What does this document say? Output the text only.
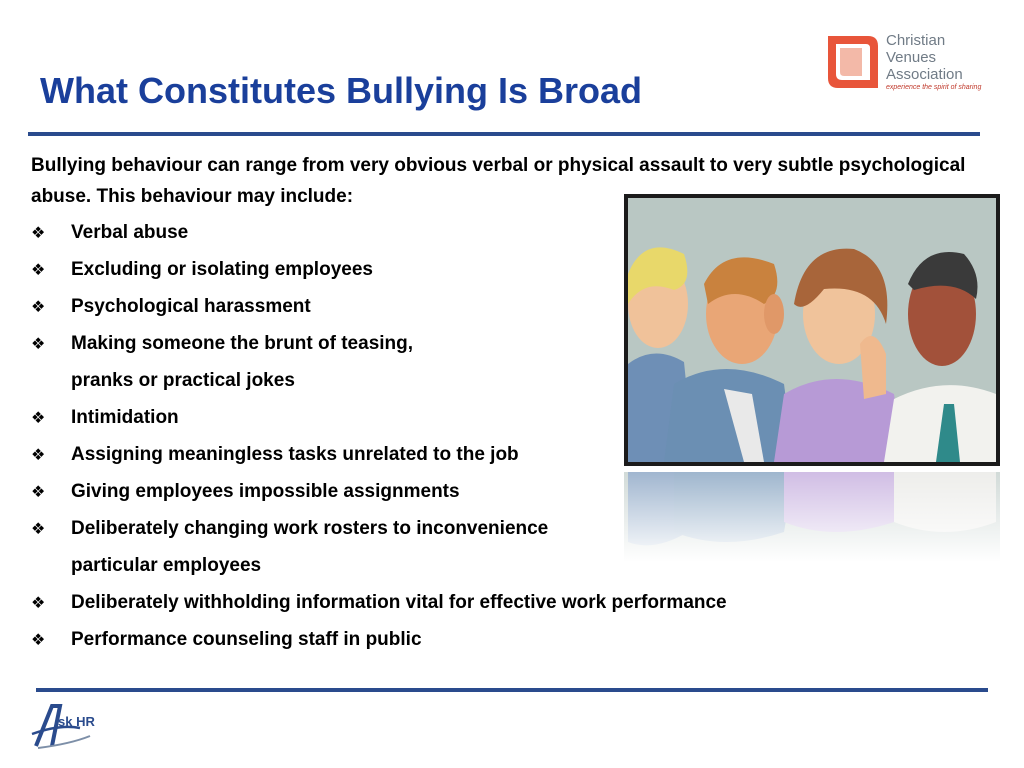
What Constitutes Bullying Is Broad
Christian
Venues
Association
experience the spirit of sharing
Bullying behaviour can range from very obvious verbal or physical assault to very subtle psychological abuse. This behaviour may include:
❖ Verbal abuse
❖ Excluding or isolating employees
❖ Psychological harassment
❖ Making someone the brunt of teasing,
pranks or practical jokes
❖ Intimidation
❖ Assigning meaningless tasks unrelated to the job
❖ Giving employees impossible assignments
❖ Deliberately changing work rosters to inconvenience
particular employees
❖ Deliberately withholding information vital for effective work performance
❖ Performance counseling staff in public
sk HR
